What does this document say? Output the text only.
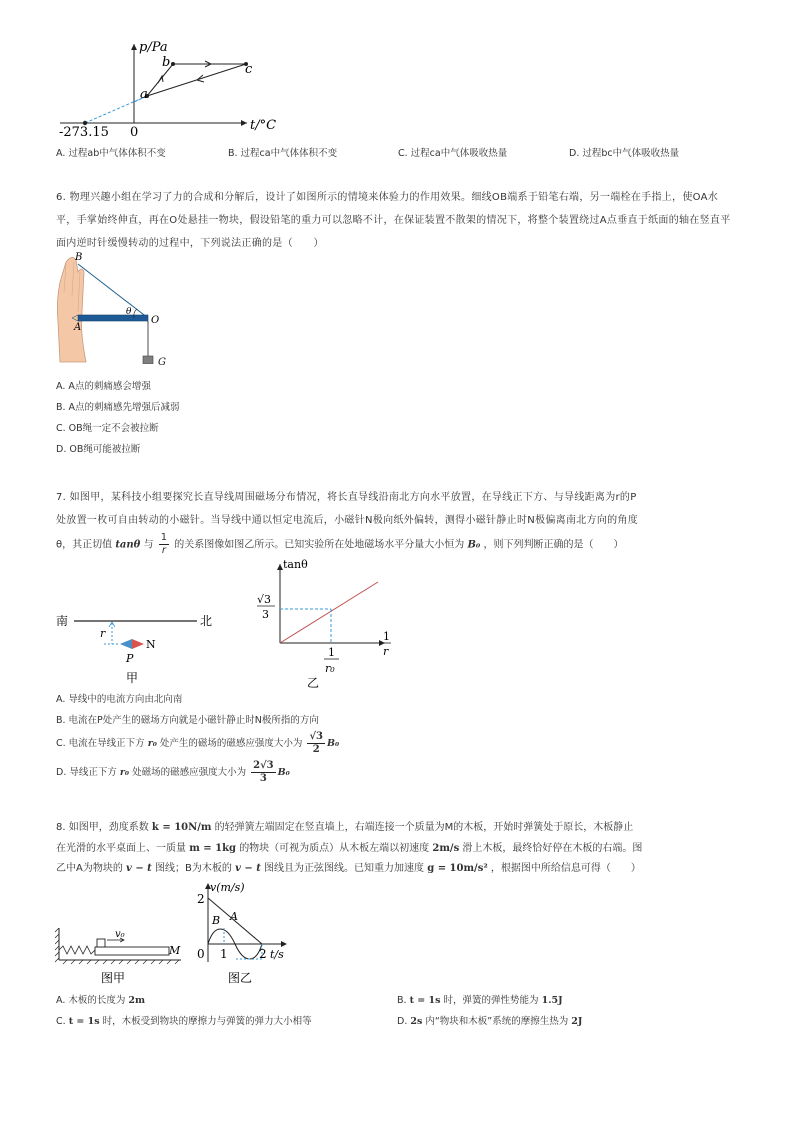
a
b	c
p/Pa
t/°C
0
-273.15
A. 过程ab中气体体积不变	B. 过程ca中气体体积不变	C. 过程ca中气体吸收热量	D. 过程bc中气体吸收热量
6. 物理兴趣小组在学习了力的合成和分解后，设计了如图所示的情境来体验力的作用效果。细线OB端系于铅笔右端，另一端栓在手指上，使OA水平，手掌始终伸直，再在O处悬挂一物块，假设铅笔的重力可以忽略不计，在保证装置不散架的情况下，将整个装置绕过A点垂直于纸面的轴在竖直平面内逆时针缓慢转动的过程中，下列说法正确的是（　　）
B
A
O
θ
G
A. A点的刺痛感会增强
B. A点的刺痛感先增强后减弱
C. OB绳一定不会被拉断
D. OB绳可能被拉断
7. 如图甲，某科技小组要探究长直导线周围磁场分布情况，将长直导线沿南北方向水平放置，在导线正下方、与导线距离为r的P
处放置一枚可自由转动的小磁针。当导线中通以恒定电流后，小磁针N极向纸外偏转，测得小磁针静止时N极偏离南北方向的角度
θ，其正切值 tanθ 与 $\frac{1}{r}$ 的关系图像如图乙所示。已知实验所在处地磁场水平分量大小恒为 B₀ ，则下列判断正确的是（　　）
南	北
r
N
P
甲
tanθ
√3
3
1
r
1
r₀
乙
A. 导线中的电流方向由北向南
B. 电流在P处产生的磁场方向就是小磁针静止时N极所指的方向
C. 电流在导线正下方 r₀ 处产生的磁场的磁感应强度大小为 $\frac{√3}{2} B_0$
D. 导线正下方 r₀ 处磁场的磁感应强度大小为 $\frac{2√3}{3} B_0$
8. 如图甲，劲度系数 k = 10N/m 的轻弹簧左端固定在竖直墙上，右端连接一个质量为M的木板，开始时弹簧处于原长，木板静止
在光滑的水平桌面上、一质量 m = 1kg 的物块（可视为质点）从木板左端以初速度 2m/s 滑上木板，最终恰好停在木板的右端。图
乙中A为物块的 v − t 图线；B为木板的 v − t 图线且为正弦图线。已知重力加速度 g = 10m/s² ，根据图中所给信息可得（　　）
v₀
M
图甲
v(m/s)
2
0 1	2 t/s
A
B
图乙
A. 木板的长度为 2m	B. t = 1s 时，弹簧的弹性势能为 1.5J
C. t = 1s 时，木板受到物块的摩擦力与弹簧的弹力大小相等	D. 2s 内“物块和木板”系统的摩擦生热为 2J
